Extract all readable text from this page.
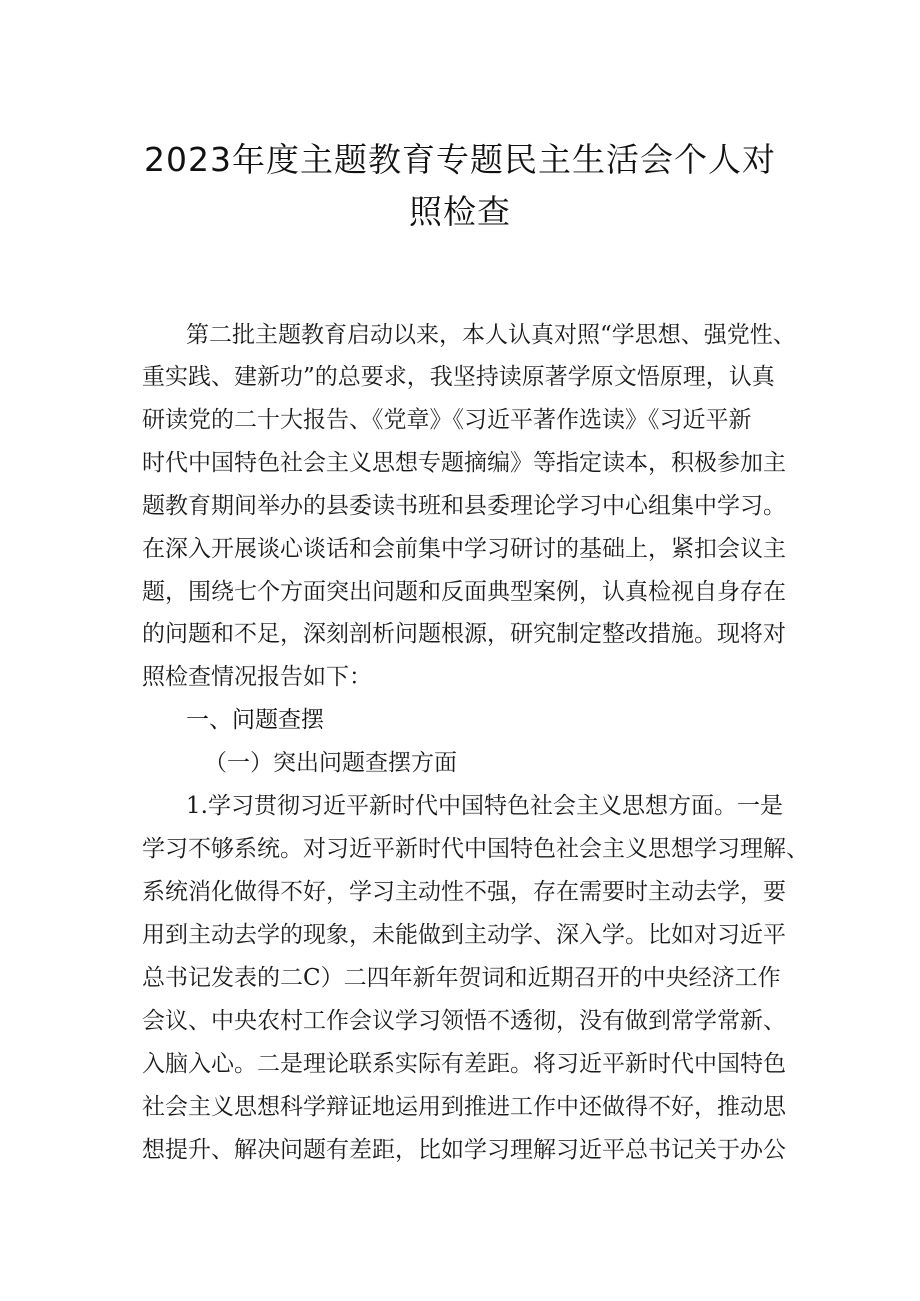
2023年度主题教育专题民主生活会个人对
照检查
第二批主题教育启动以来，本人认真对照“学思想、强党性、
重实践、建新功”的总要求，我坚持读原著学原文悟原理，认真
研读党的二十大报告、《党章》《习近平著作选读》《习近平新
时代中国特色社会主义思想专题摘编》等指定读本，积极参加主
题教育期间举办的县委读书班和县委理论学习中心组集中学习。
在深入开展谈心谈话和会前集中学习研讨的基础上，紧扣会议主
题，围绕七个方面突出问题和反面典型案例，认真检视自身存在
的问题和不足，深刻剖析问题根源，研究制定整改措施。现将对
照检查情况报告如下：
一、问题查摆
（一）突出问题查摆方面
1.学习贯彻习近平新时代中国特色社会主义思想方面。一是
学习不够系统。对习近平新时代中国特色社会主义思想学习理解、
系统消化做得不好，学习主动性不强，存在需要时主动去学，要
用到主动去学的现象，未能做到主动学、深入学。比如对习近平
总书记发表的二C）二四年新年贺词和近期召开的中央经济工作
会议、中央农村工作会议学习领悟不透彻，没有做到常学常新、
入脑入心。二是理论联系实际有差距。将习近平新时代中国特色
社会主义思想科学辩证地运用到推进工作中还做得不好，推动思
想提升、解决问题有差距，比如学习理解习近平总书记关于办公
